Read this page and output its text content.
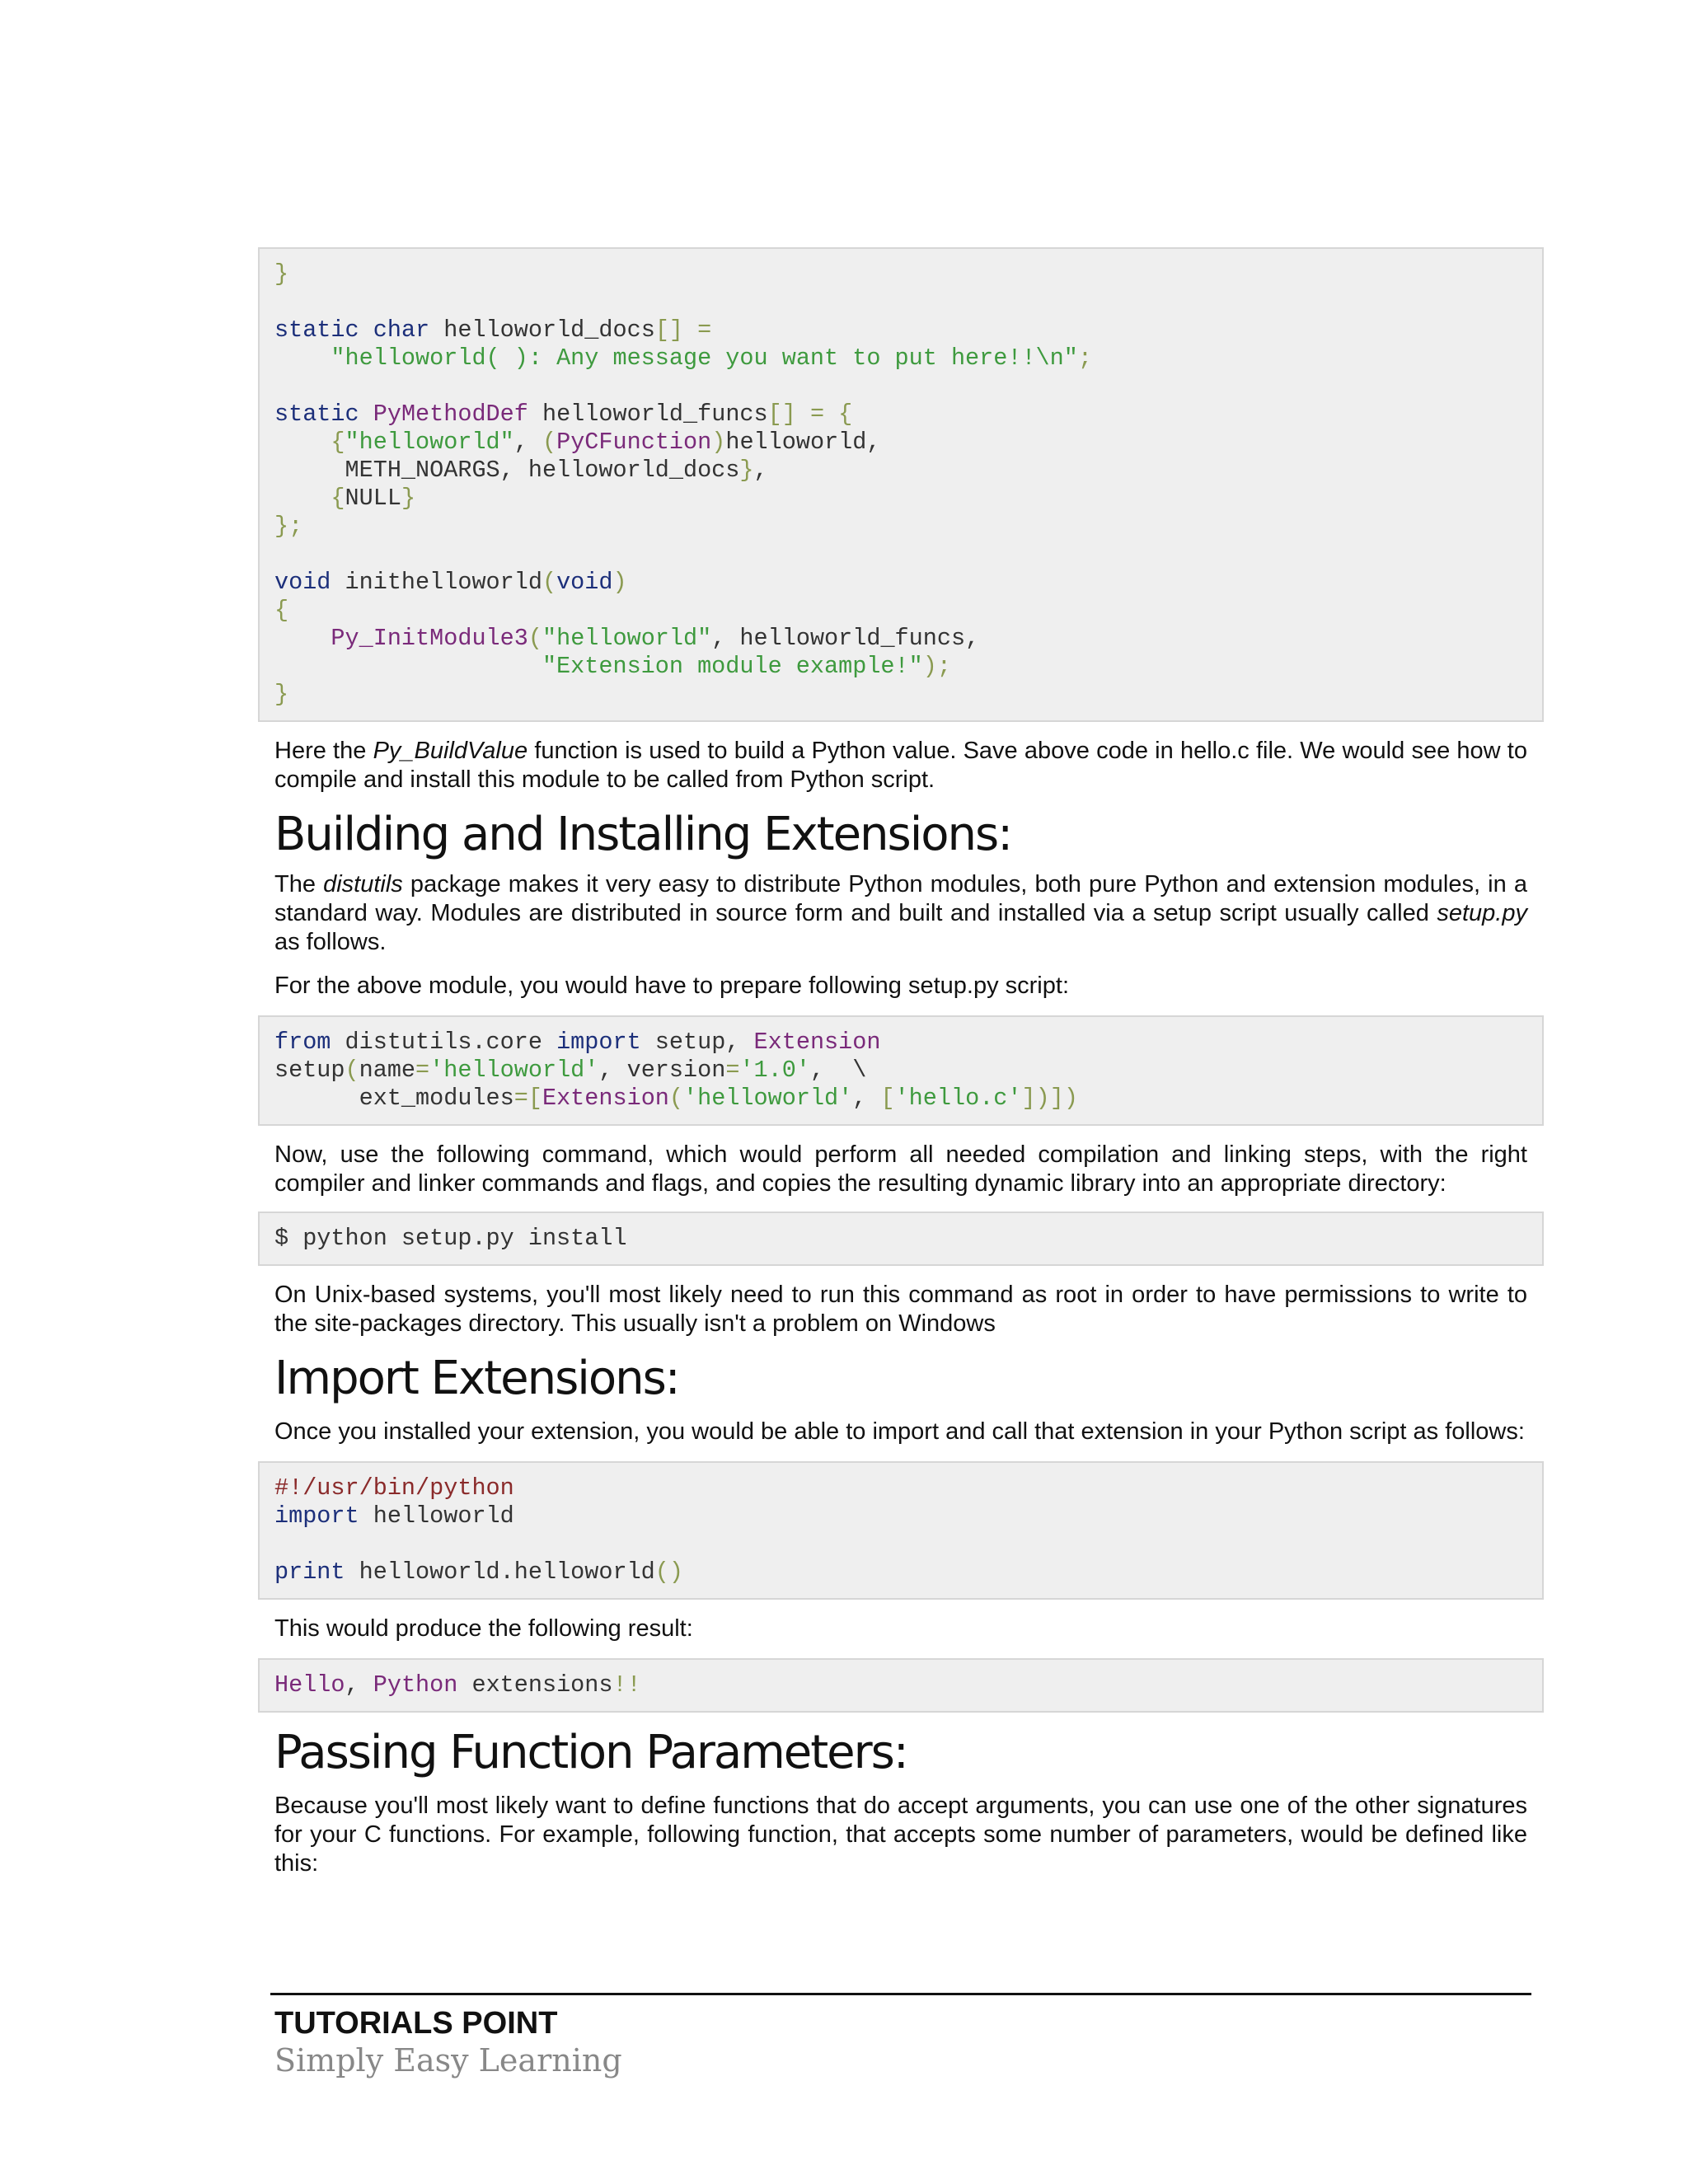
}

static char helloworld_docs[] =
"helloworld( ): Any message you want to put here!!\n";

static PyMethodDef helloworld_funcs[] = {
{"helloworld", (PyCFunction)helloworld,
METH_NOARGS, helloworld_docs},
{NULL}
};

void inithelloworld(void)
{
Py_InitModule3("helloworld", helloworld_funcs,
"Extension module example!");
}

Here the Py_BuildValue function is used to build a Python value. Save above code in hello.c file. We would see how to compile and install this module to be called from Python script.

Building and Installing Extensions:

The distutils package makes it very easy to distribute Python modules, both pure Python and extension modules, in a standard way. Modules are distributed in source form and built and installed via a setup script usually called setup.py as follows.

For the above module, you would have to prepare following setup.py script:

from distutils.core import setup, Extension
setup(name='helloworld', version='1.0',  \
ext_modules=[Extension('helloworld', ['hello.c'])])

Now, use the following command, which would perform all needed compilation and linking steps, with the right compiler and linker commands and flags, and copies the resulting dynamic library into an appropriate directory:

$ python setup.py install

On Unix-based systems, you'll most likely need to run this command as root in order to have permissions to write to the site-packages directory. This usually isn't a problem on Windows

Import Extensions:

Once you installed your extension, you would be able to import and call that extension in your Python script as follows:

#!/usr/bin/python
import helloworld

print helloworld.helloworld()

This would produce the following result:

Hello, Python extensions!!
Passing Function Parameters:

Because you'll most likely want to define functions that do accept arguments, you can use one of the other signatures for your C functions. For example, following function, that accepts some number of parameters, would be defined like this:

TUTORIALS POINT
Simply Easy Learning
